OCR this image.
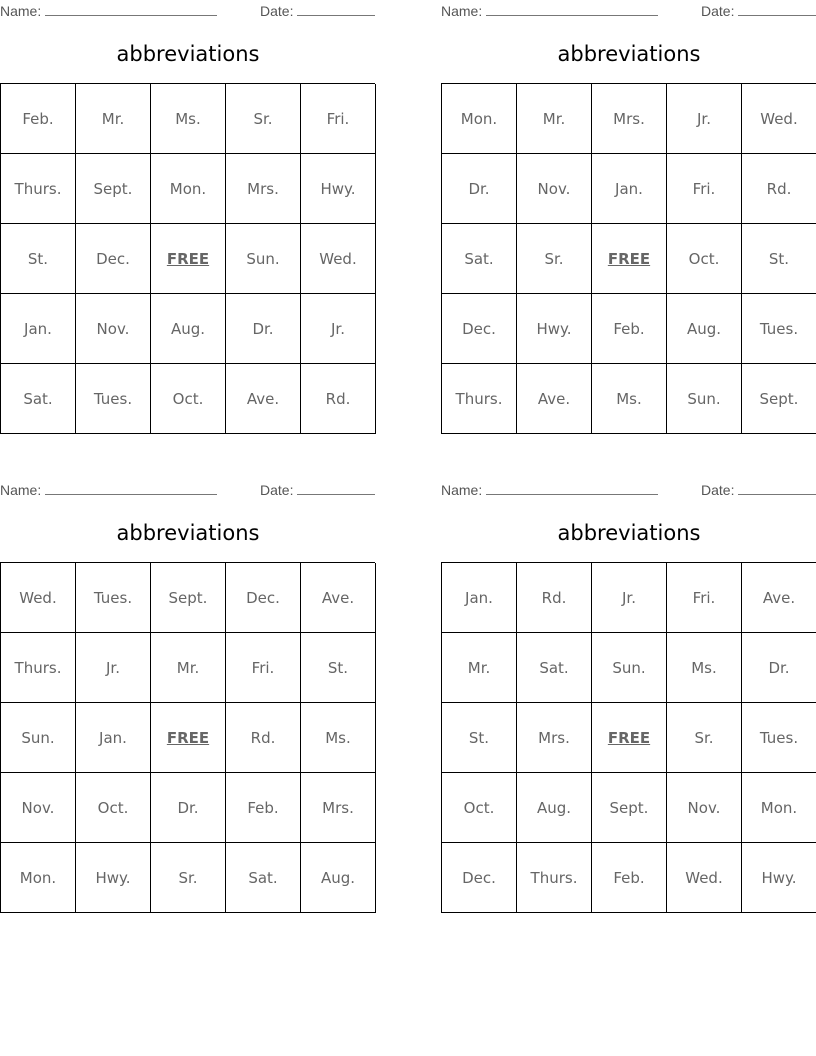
Name:	Date:
abbreviations
Feb.	Mr.	Ms.	Sr.	Fri.
Thurs.	Sept.	Mon.	Mrs.	Hwy.
St.	Dec.	FREE	Sun.	Wed.
Jan.	Nov.	Aug.	Dr.	Jr.
Sat.	Tues.	Oct.	Ave.	Rd.
Name:	Date:
abbreviations
Mon.	Mr.	Mrs.	Jr.	Wed.
Dr.	Nov.	Jan.	Fri.	Rd.
Sat.	Sr.	FREE	Oct.	St.
Dec.	Hwy.	Feb.	Aug.	Tues.
Thurs.	Ave.	Ms.	Sun.	Sept.
Name:	Date:
abbreviations
Wed.	Tues.	Sept.	Dec.	Ave.
Thurs.	Jr.	Mr.	Fri.	St.
Sun.	Jan.	FREE	Rd.	Ms.
Nov.	Oct.	Dr.	Feb.	Mrs.
Mon.	Hwy.	Sr.	Sat.	Aug.
Name:	Date:
abbreviations
Jan.	Rd.	Jr.	Fri.	Ave.
Mr.	Sat.	Sun.	Ms.	Dr.
St.	Mrs.	FREE	Sr.	Tues.
Oct.	Aug.	Sept.	Nov.	Mon.
Dec.	Thurs.	Feb.	Wed.	Hwy.
